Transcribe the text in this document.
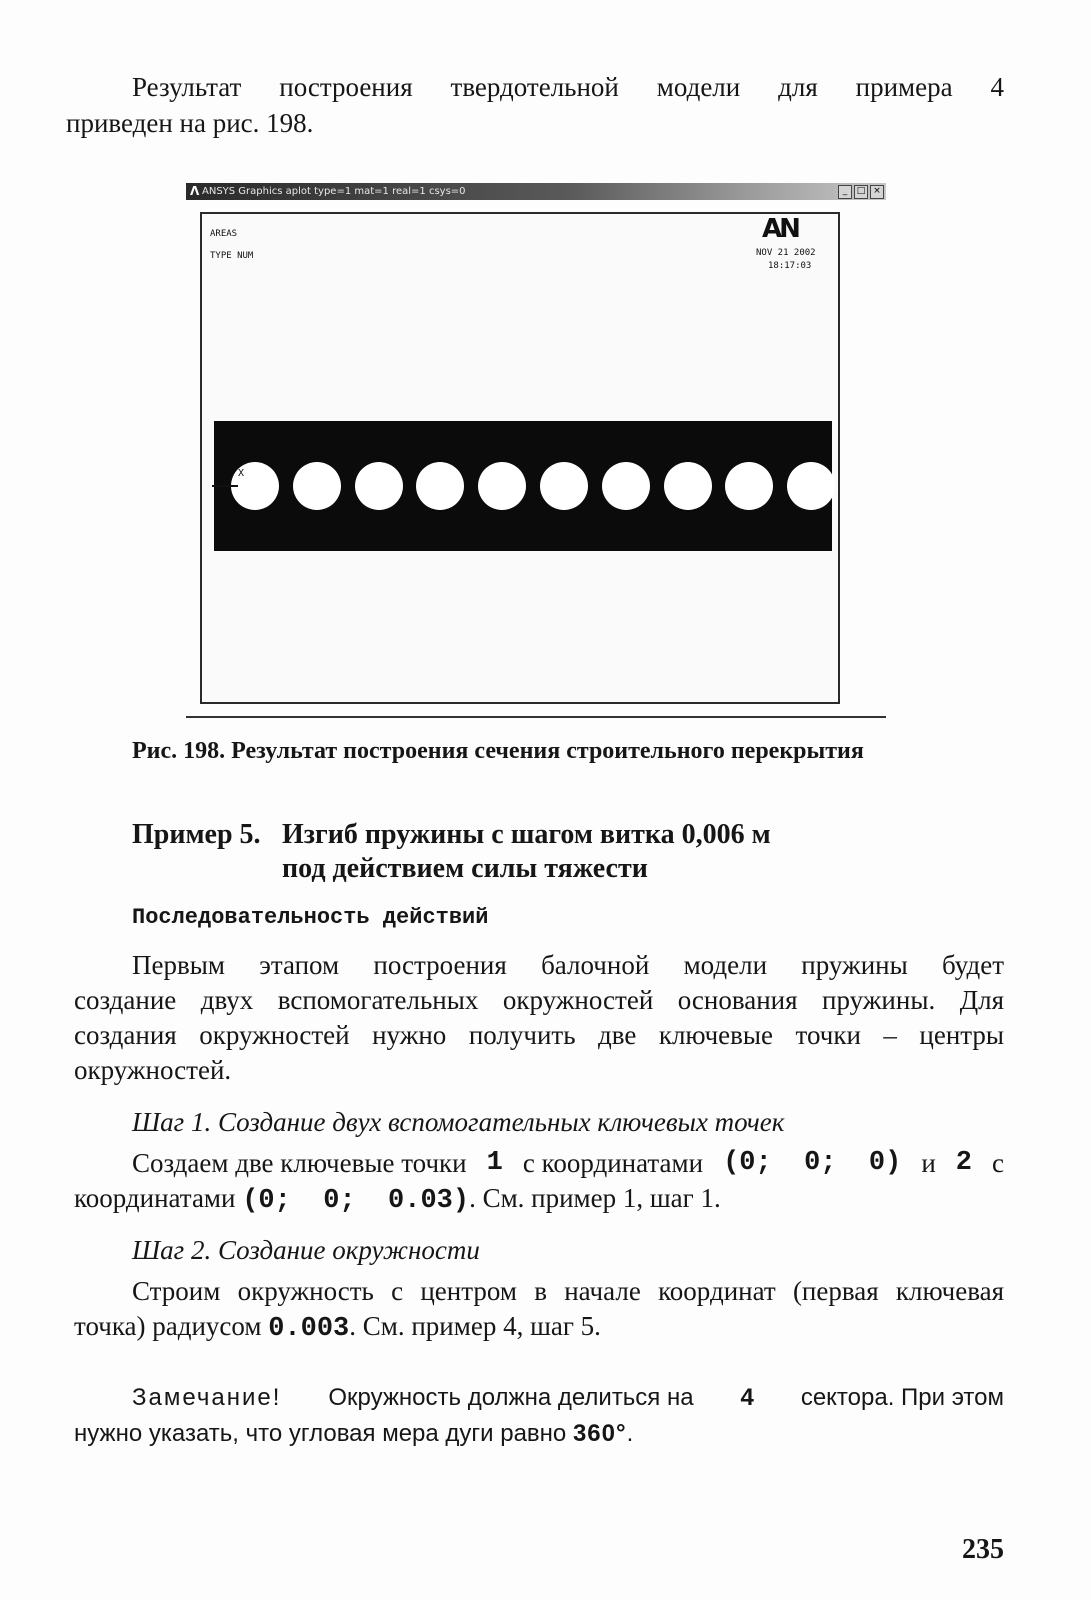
Результат построения твердотельной модели для примера 4
приведен на рис. 198.
Λ ANSYS Graphics aplot type=1 mat=1 real=1 csys=0	_	□ ×
AREAS
TYPE NUM
AN
NOV 21 2002
18:17:03
X
Рис. 198. Результат построения сечения строительного перекрытия
Пример 5. Изгиб пружины с шагом витка 0,006 м
под действием силы тяжести
Последовательность действий
Первым этапом построения балочной модели пружины будет
создание двух вспомогательных окружностей основания пружины. Для
создания окружностей нужно получить две ключевые точки – центры
окружностей.
Шаг 1. Создание двух вспомогательных ключевых точек
Создаем две ключевые точки 1 с координатами (0;  0;  0) и 2 с
координатами (0;  0;  0.03). См. пример 1, шаг 1.
Шаг 2. Создание окружности
Строим окружность с центром в начале координат (первая ключевая
точка) радиусом 0.003. См. пример 4, шаг 5.
Замечание! Окружность должна делиться на 4 сектора. При этом
нужно указать, что угловая мера дуги равно 360°.
235
